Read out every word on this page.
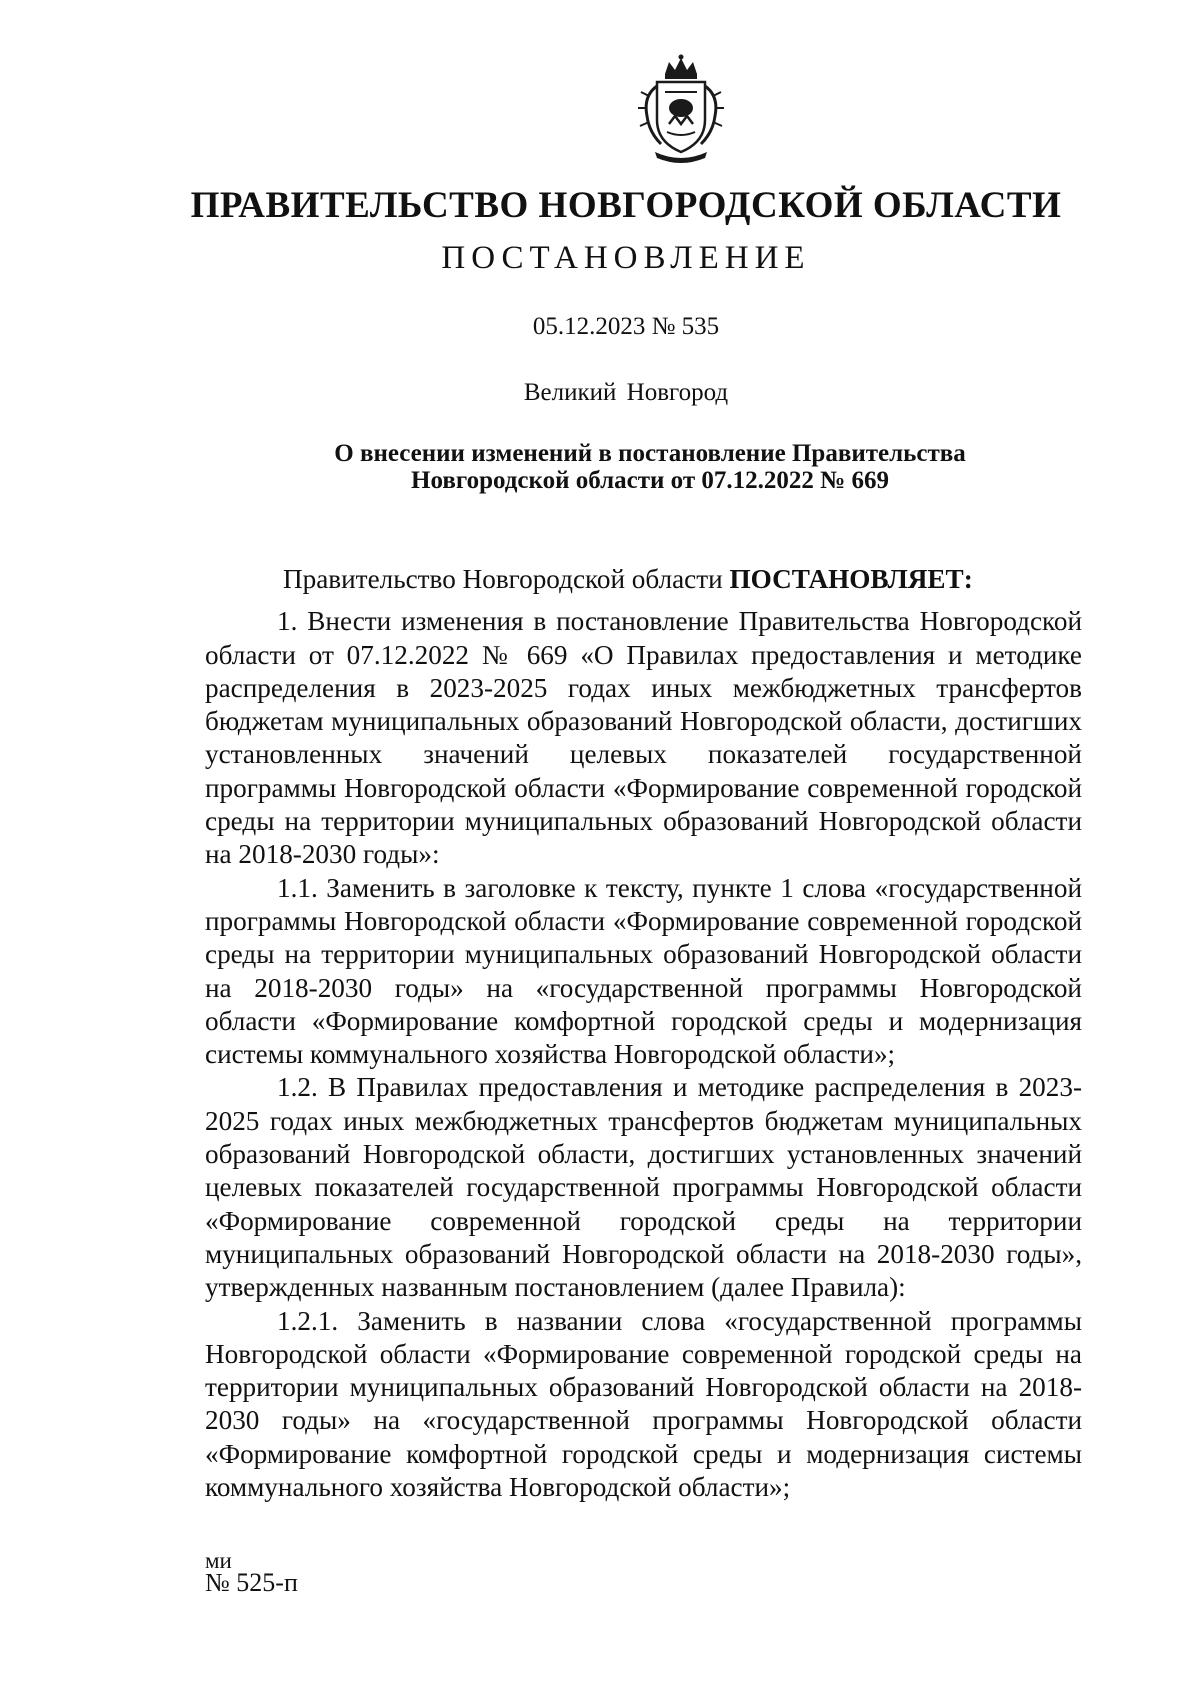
ПРАВИТЕЛЬСТВО НОВГОРОДСКОЙ ОБЛАСТИ
ПОСТАНОВЛЕНИЕ
05.12.2023 № 535
Великий Новгород
О внесении изменений в постановление Правительства
Новгородской области от 07.12.2022 № 669

Правительство Новгородской области ПОСТАНОВЛЯЕТ:

1. Внести изменения в постановление Правительства Новгородской области от 07.12.2022 № 669 «О Правилах предоставления и методике распределения в 2023-2025 годах иных межбюджетных трансфертов бюджетам муниципальных образований Новгородской области, достигших установленных значений целевых показателей государственной программы Новгородской области «Формирование современной городской среды на территории муниципальных образований Новгородской области на 2018-2030 годы»:

1.1. Заменить в заголовке к тексту, пункте 1 слова «государственной программы Новгородской области «Формирование современной городской среды на территории муниципальных образований Новгородской области на 2018-2030 годы» на «государственной программы Новгородской области «Формирование комфортной городской среды и модернизация системы коммунального хозяйства Новгородской области»;

1.2. В Правилах предоставления и методике распределения в 2023-2025 годах иных межбюджетных трансфертов бюджетам муниципальных образований Новгородской области, достигших установленных значений целевых показателей государственной программы Новгородской области «Формирование современной городской среды на территории муниципальных образований Новгородской области на 2018-2030 годы», утвержденных названным постановлением (далее Правила):

1.2.1. Заменить в названии слова «государственной программы Новгородской области «Формирование современной городской среды на территории муниципальных образований Новгородской области на 2018-2030 годы» на «государственной программы Новгородской области «Формирование комфортной городской среды и модернизация системы коммунального хозяйства Новгородской области»;

ми
№ 525-п
